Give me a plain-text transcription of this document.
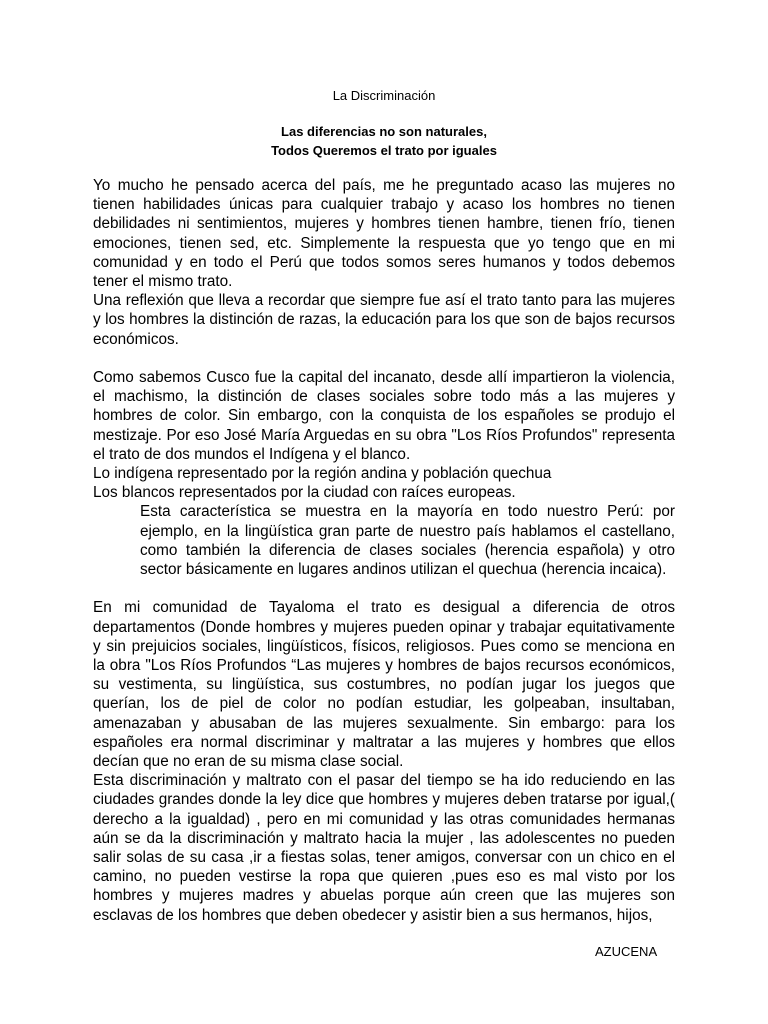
La Discriminación
Las diferencias no son naturales,
Todos Queremos el trato por iguales

Yo mucho he pensado acerca del país, me he preguntado acaso las mujeres no tienen habilidades únicas para cualquier trabajo y acaso los hombres no tienen debilidades ni sentimientos, mujeres y hombres tienen hambre, tienen frío, tienen emociones, tienen sed, etc. Simplemente la respuesta que yo tengo que en mi comunidad y en todo el Perú que todos somos seres humanos y todos debemos tener el mismo trato.

Una reflexión que lleva a recordar que siempre fue así el trato tanto para las mujeres y los hombres la distinción de razas, la educación para los que son de bajos recursos económicos.

Como sabemos Cusco fue la capital del incanato, desde allí impartieron la violencia, el machismo, la distinción de clases sociales sobre todo más a las mujeres y hombres de color. Sin embargo, con la conquista de los españoles se produjo el mestizaje. Por eso José María Arguedas en su obra "Los Ríos Profundos" representa el trato de dos mundos el Indígena y el blanco.

Lo indígena representado por la región andina y población quechua

Los blancos representados por la ciudad con raíces europeas.

Esta característica se muestra en la mayoría en todo nuestro Perú: por ejemplo, en la lingüística gran parte de nuestro país hablamos el castellano, como también la diferencia de clases sociales (herencia española) y otro sector básicamente en lugares andinos utilizan el quechua (herencia incaica).

En mi comunidad de Tayaloma el trato es desigual a diferencia de otros departamentos (Donde hombres y mujeres pueden opinar y trabajar equitativamente y sin prejuicios sociales, lingüísticos, físicos, religiosos. Pues como se menciona en la obra "Los Ríos Profundos “Las mujeres y hombres de bajos recursos económicos, su vestimenta, su lingüística, sus costumbres, no podían jugar los juegos que querían, los de piel de color no podían estudiar, les golpeaban, insultaban, amenazaban y abusaban de las mujeres sexualmente. Sin embargo: para los españoles era normal discriminar y maltratar a las mujeres y hombres que ellos decían que no eran de su misma clase social.

Esta discriminación y maltrato con el pasar del tiempo se ha ido reduciendo en las ciudades grandes donde la ley dice que hombres y mujeres deben tratarse por igual,( derecho a la igualdad) , pero en mi comunidad y las otras comunidades hermanas aún se da la discriminación y maltrato hacia la mujer , las adolescentes no pueden salir solas de su casa ,ir a fiestas solas, tener amigos, conversar con un chico en el camino, no pueden vestirse la ropa que quieren ,pues eso es mal visto por los hombres y mujeres madres y abuelas porque aún creen que las mujeres son esclavas de los hombres que deben obedecer y asistir bien a sus hermanos, hijos,

AZUCENA
